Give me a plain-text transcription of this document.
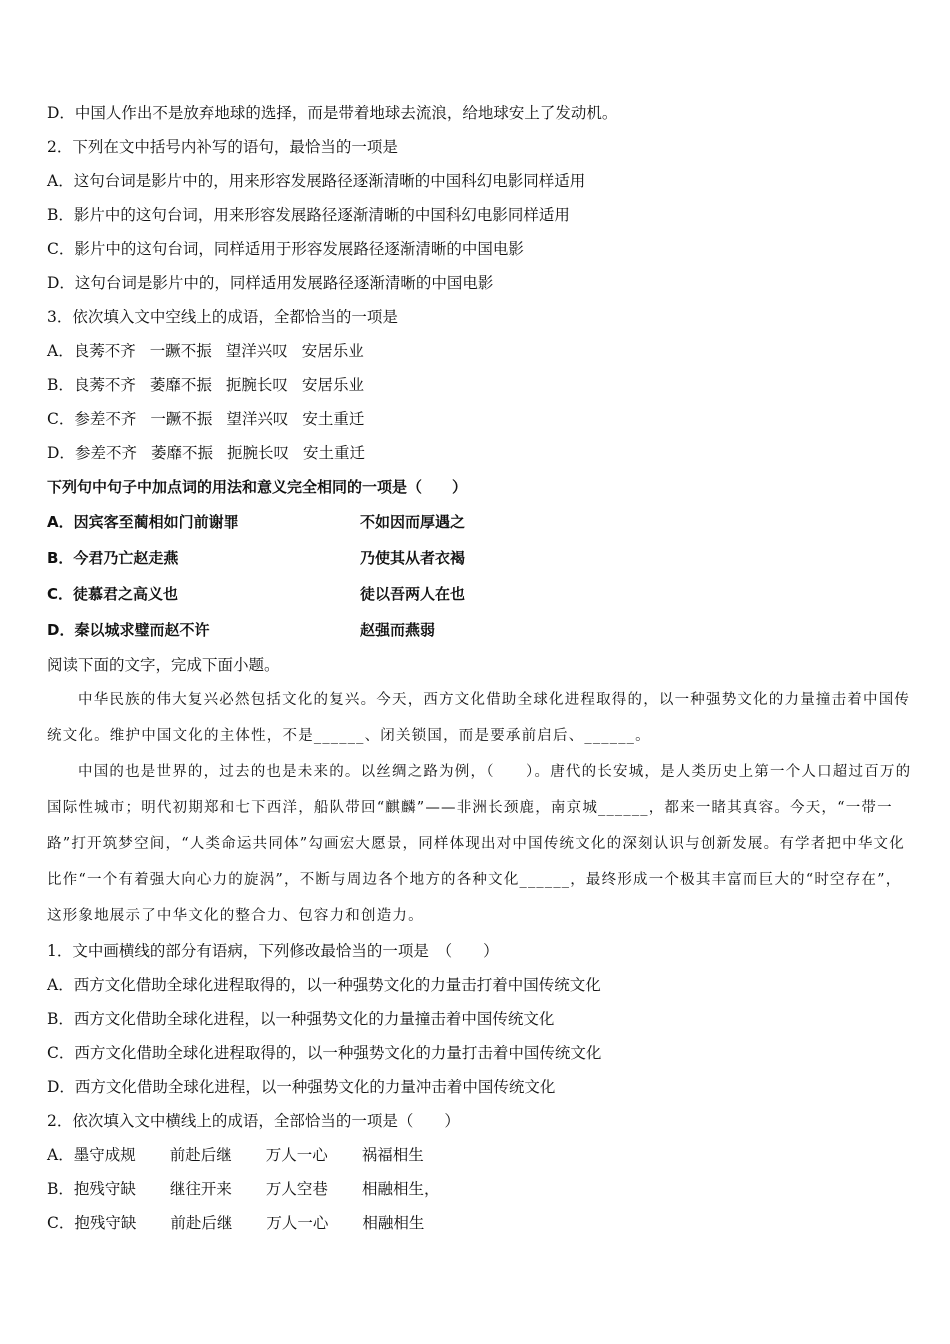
D．中国人作出不是放弃地球的选择，而是带着地球去流浪，给地球安上了发动机。
2．下列在文中括号内补写的语句，最恰当的一项是
A．这句台词是影片中的，用来形容发展路径逐渐清晰的中国科幻电影同样适用
B．影片中的这句台词，用来形容发展路径逐渐清晰的中国科幻电影同样适用
C．影片中的这句台词，同样适用于形容发展路径逐渐清晰的中国电影
D．这句台词是影片中的，同样适用发展路径逐渐清晰的中国电影
3．依次填入文中空线上的成语，全都恰当的一项是
A．良莠不齐 一蹶不振 望洋兴叹 安居乐业
B．良莠不齐 萎靡不振 扼腕长叹 安居乐业
C．参差不齐 一蹶不振 望洋兴叹 安土重迁
D．参差不齐 萎靡不振 扼腕长叹 安土重迁
下列句中句子中加点词的用法和意义完全相同的一项是（　　）
A．因宾客至蔺相如门前谢罪	不如因而厚遇之
B．今君乃亡赵走燕	乃使其从者衣褐
C．徒慕君之高义也	徒以吾两人在也
D．秦以城求璧而赵不许	赵强而燕弱
阅读下面的文字，完成下面小题。
中华民族的伟大复兴必然包括文化的复兴。今天，西方文化借助全球化进程取得的，以一种强势文化的力量撞击着中国传统文化。维护中国文化的主体性，不是______、闭关锁国，而是要承前启后、______。
中国的也是世界的，过去的也是未来的。以丝绸之路为例，（　　）。唐代的长安城，是人类历史上第一个人口超过百万的国际性城市；明代初期郑和七下西洋，船队带回“麒麟”——非洲长颈鹿，南京城______，都来一睹其真容。今天，“一带一路”打开筑梦空间，“人类命运共同体”勾画宏大愿景，同样体现出对中国传统文化的深刻认识与创新发展。有学者把中华文化比作“一个有着强大向心力的旋涡”，不断与周边各个地方的各种文化______，最终形成一个极其丰富而巨大的“时空存在”，这形象地展示了中华文化的整合力、包容力和创造力。
1．文中画横线的部分有语病，下列修改最恰当的一项是　（　　）
A．西方文化借助全球化进程取得的，以一种强势文化的力量击打着中国传统文化
B．西方文化借助全球化进程，以一种强势文化的力量撞击着中国传统文化
C．西方文化借助全球化进程取得的，以一种强势文化的力量打击着中国传统文化
D．西方文化借助全球化进程，以一种强势文化的力量冲击着中国传统文化
2．依次填入文中横线上的成语，全部恰当的一项是（　　）
A．墨守成规 前赴后继 万人一心 祸福相生
B．抱残守缺 继往开来 万人空巷 相融相生，
C．抱残守缺 前赴后继 万人一心 相融相生
